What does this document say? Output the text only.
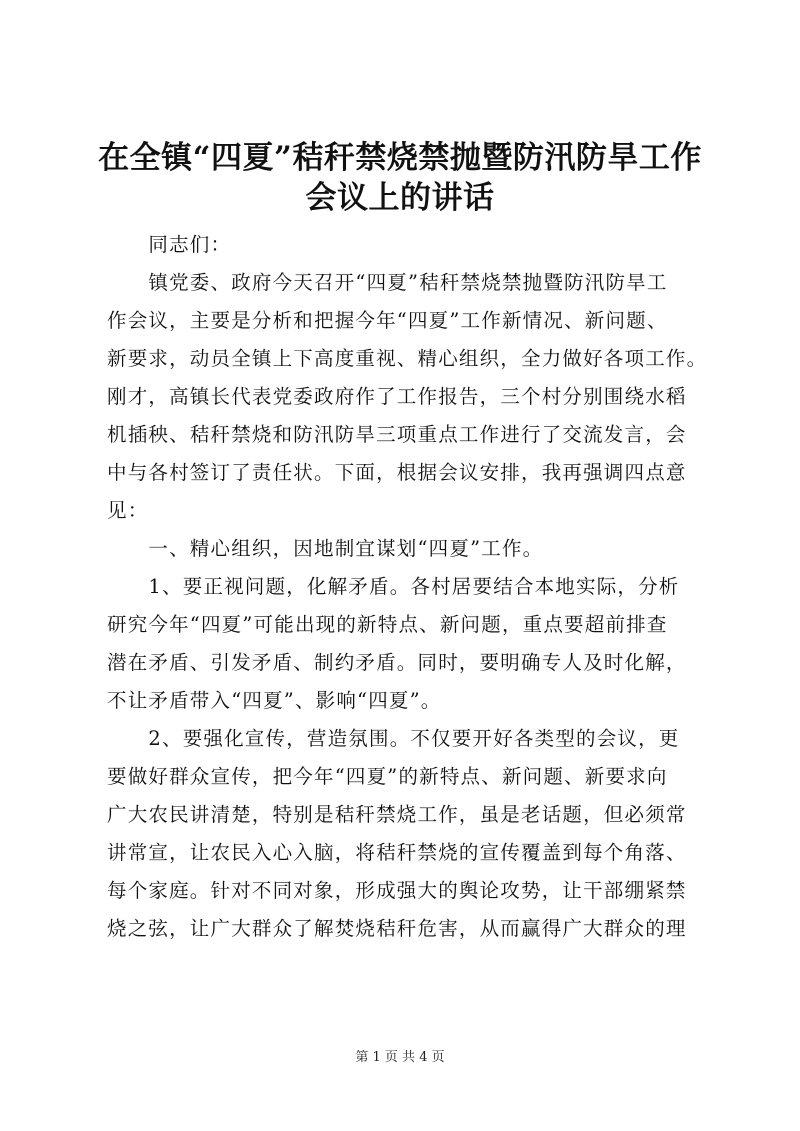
在全镇“四夏”秸秆禁烧禁抛暨防汛防旱工作
会议上的讲话
　　同志们：
　　镇党委、政府今天召开“四夏”秸秆禁烧禁抛暨防汛防旱工
作会议，主要是分析和把握今年“四夏”工作新情况、新问题、
新要求，动员全镇上下高度重视、精心组织，全力做好各项工作。
刚才，高镇长代表党委政府作了工作报告，三个村分别围绕水稻
机插秧、秸秆禁烧和防汛防旱三项重点工作进行了交流发言，会
中与各村签订了责任状。下面，根据会议安排，我再强调四点意
见：
　　一、精心组织，因地制宜谋划“四夏”工作。
　　1、要正视问题，化解矛盾。各村居要结合本地实际，分析
研究今年“四夏”可能出现的新特点、新问题，重点要超前排查
潜在矛盾、引发矛盾、制约矛盾。同时，要明确专人及时化解，
不让矛盾带入“四夏”、影响“四夏”。
　　2、要强化宣传，营造氛围。不仅要开好各类型的会议，更
要做好群众宣传，把今年“四夏”的新特点、新问题、新要求向
广大农民讲清楚，特别是秸秆禁烧工作，虽是老话题，但必须常
讲常宣，让农民入心入脑，将秸秆禁烧的宣传覆盖到每个角落、
每个家庭。针对不同对象，形成强大的舆论攻势，让干部绷紧禁
烧之弦，让广大群众了解焚烧秸秆危害，从而赢得广大群众的理
第 1 页 共 4 页
